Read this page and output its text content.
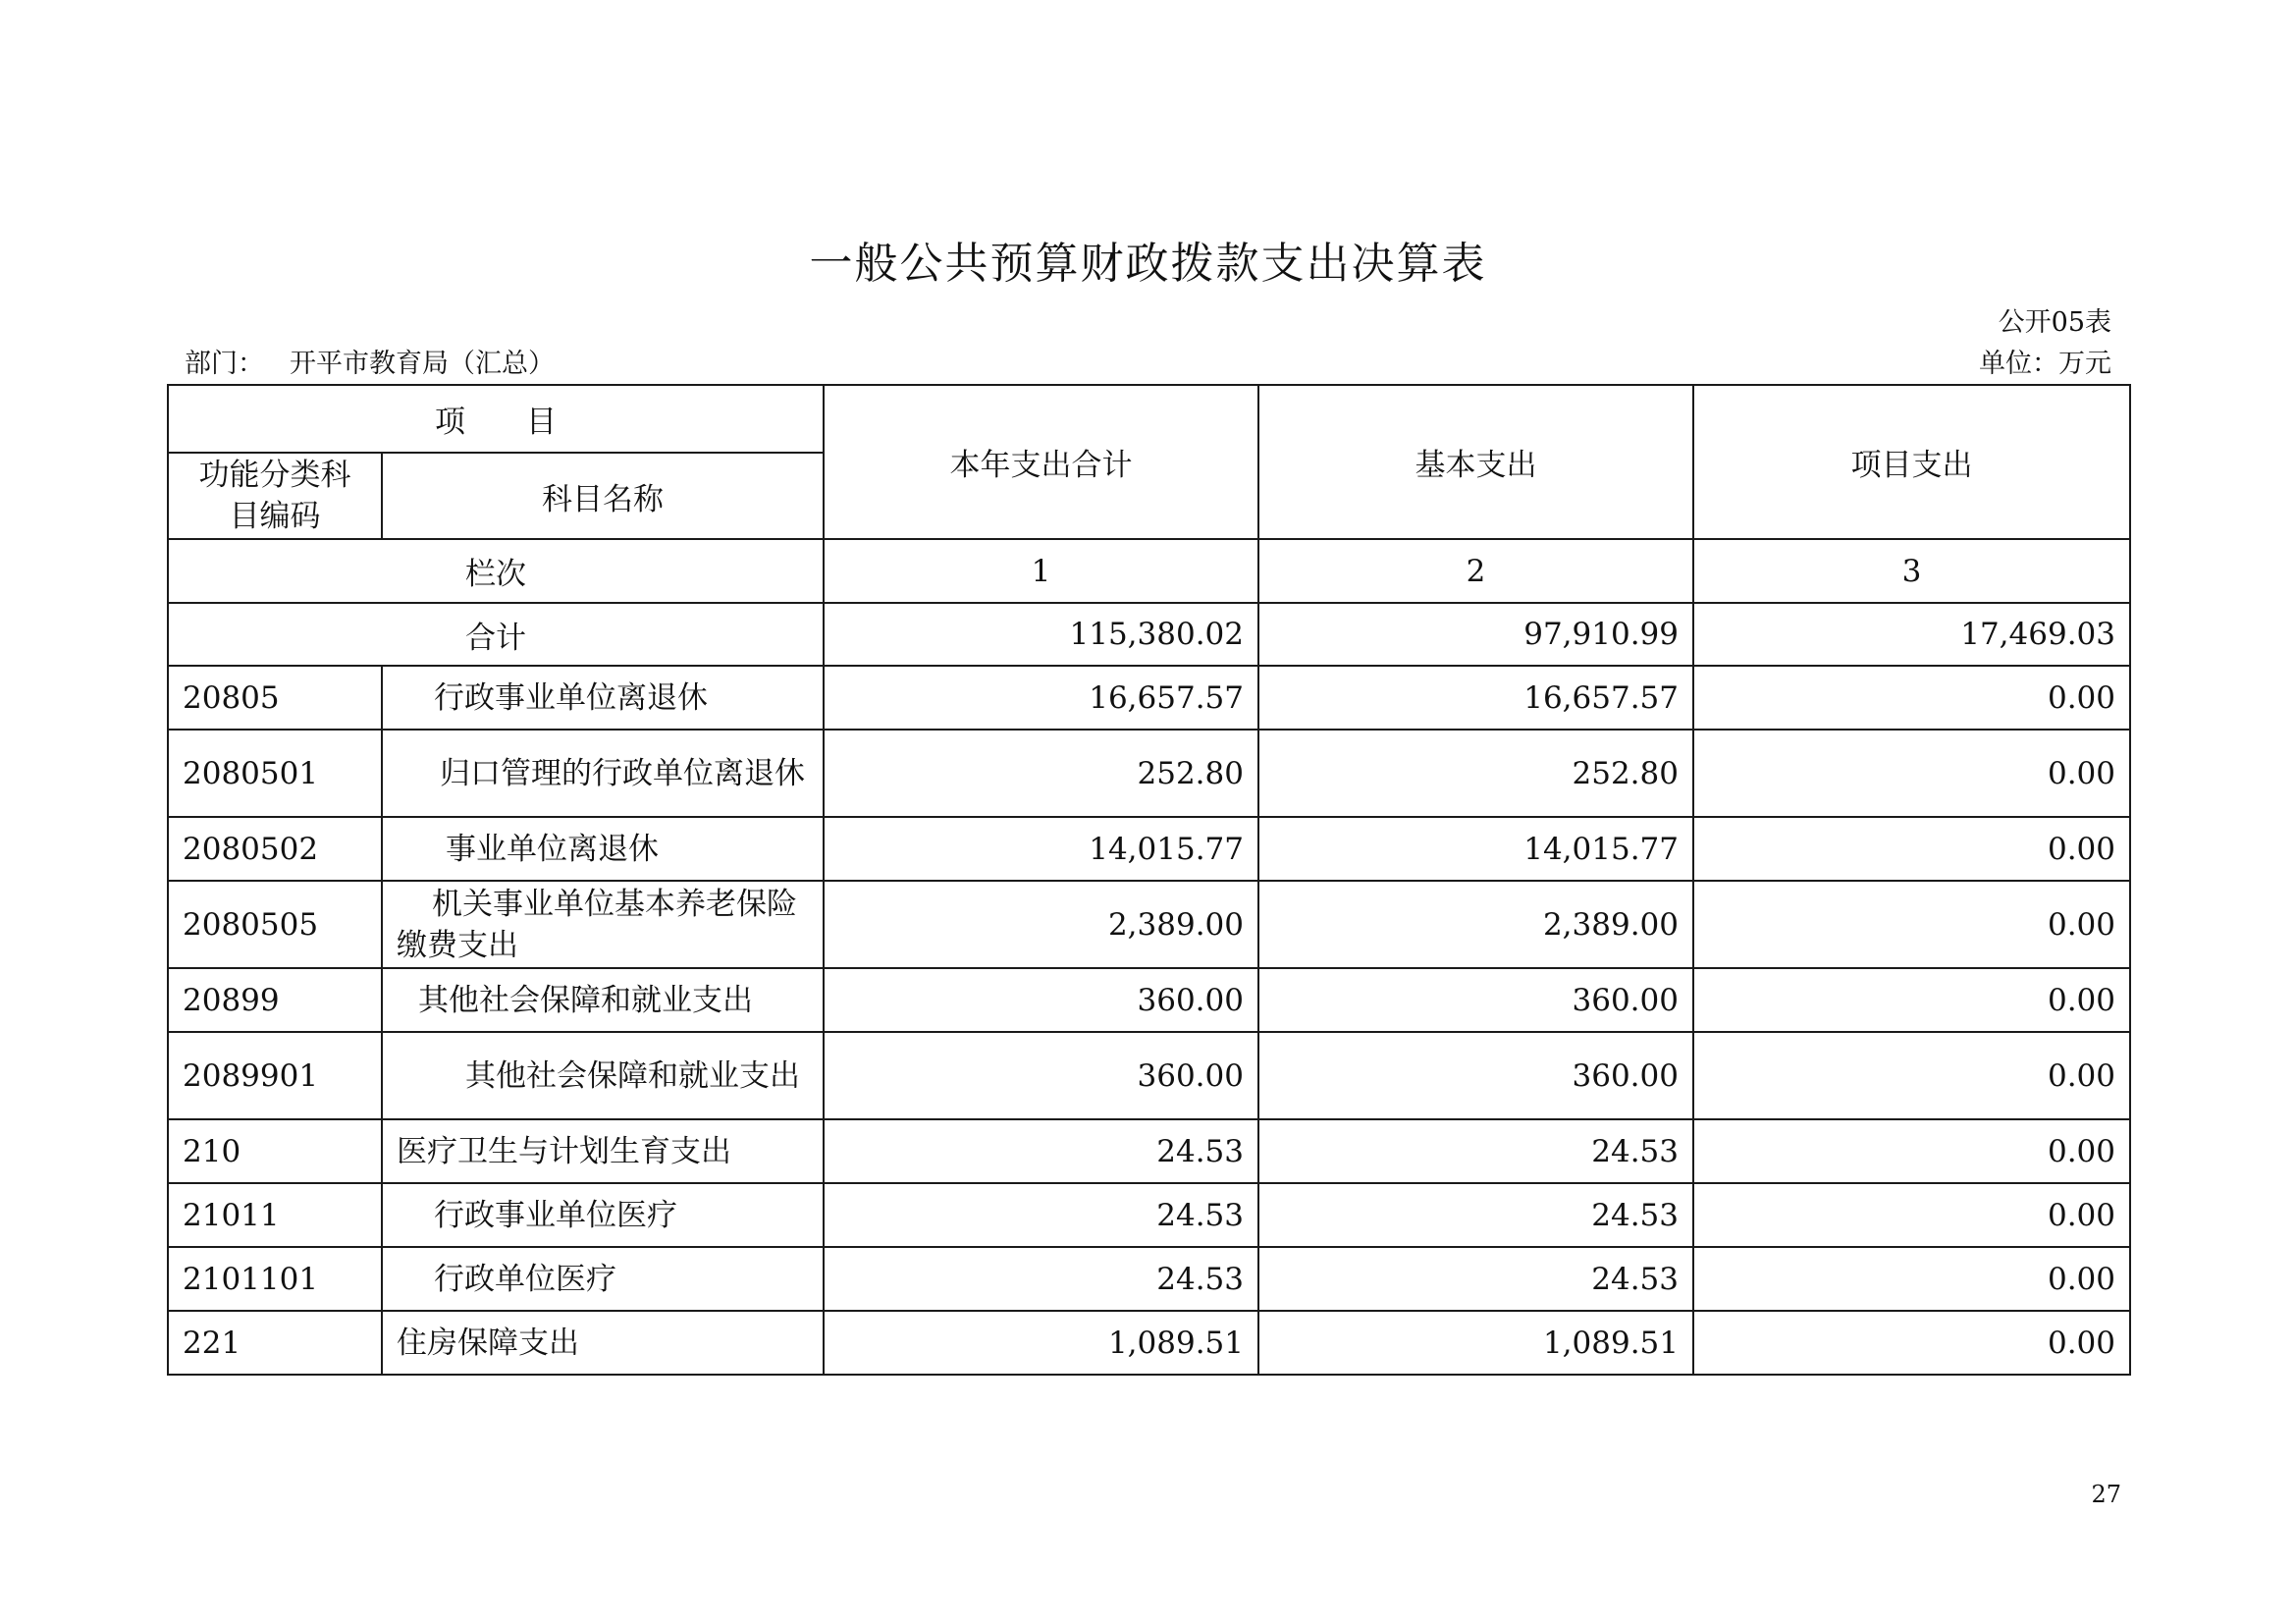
一般公共预算财政拨款支出决算表
公开05表
部门： 开平市教育局（汇总）	单位：万元
项　　目		本年支出合计	基本支出	项目支出
功能分类科目编码	科目名称			
栏次		1	2	3
合计		115,380.02	97,910.99	17,469.03
20805	行政事业单位离退休	16,657.57	16,657.57	0.00
2080501	归口管理的行政单位离退休	252.80	252.80	0.00
2080502	事业单位离退休	14,015.77	14,015.77	0.00
2080505	机关事业单位基本养老保险缴费支出	2,389.00	2,389.00	0.00
20899	其他社会保障和就业支出	360.00	360.00	0.00
2089901	其他社会保障和就业支出	360.00	360.00	0.00
210	医疗卫生与计划生育支出	24.53	24.53	0.00
21011	行政事业单位医疗	24.53	24.53	0.00
2101101	行政单位医疗	24.53	24.53	0.00
221	住房保障支出	1,089.51	1,089.51	0.00
27
